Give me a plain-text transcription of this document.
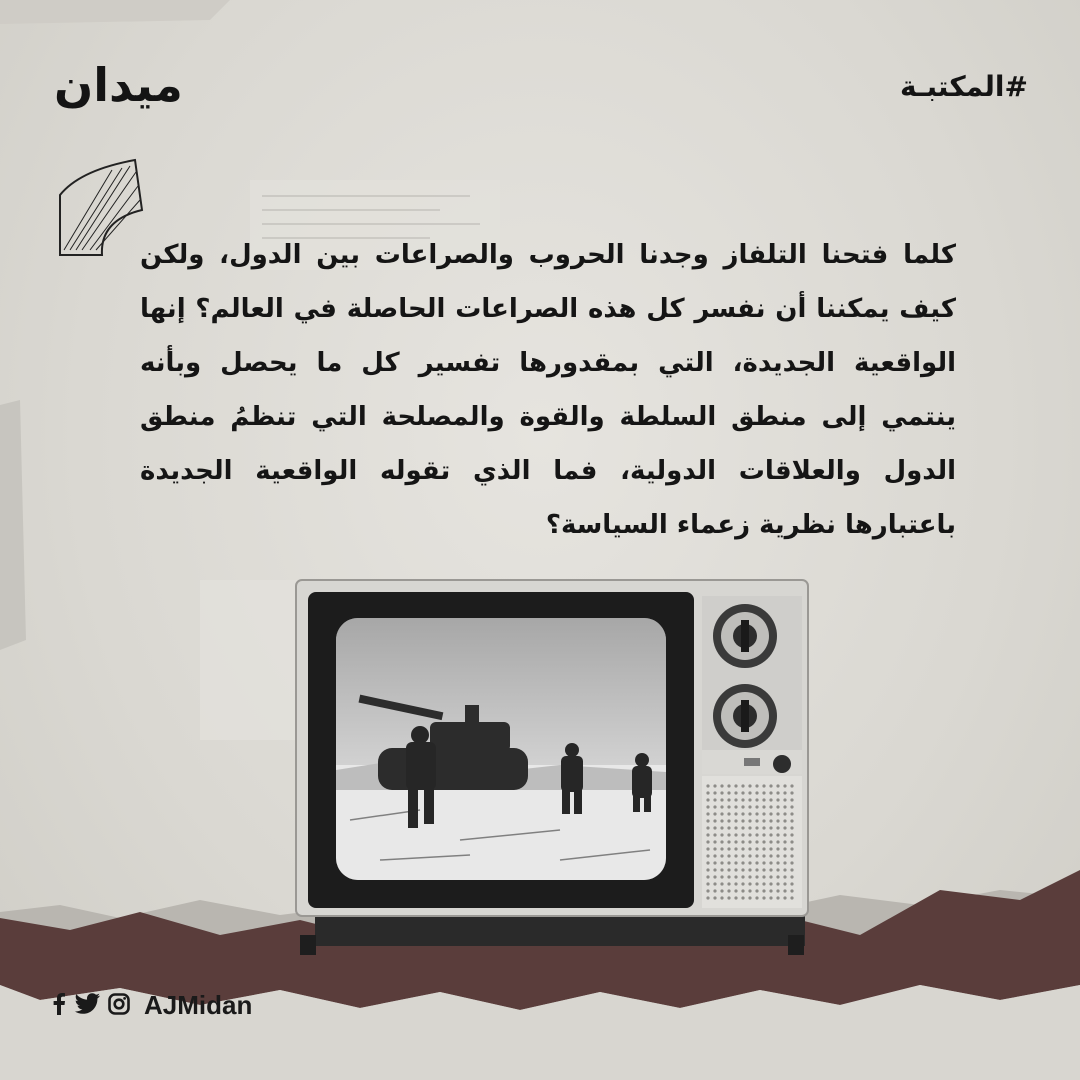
ميدان	#المكتبـة
كلما فتحنا التلفاز وجدنا الحروب والصراعات بين الدول، ولكن كيف يمكننا أن نفسر كل هذه الصراعات الحاصلة في العالم؟ إنها الواقعية الجديدة، التي بمقدورها تفسير كل ما يحصل وبأنه ينتمي إلى منطق السلطة والقوة والمصلحة التي تنظمُ منطق الدول والعلاقات الدولية، فما الذي تقوله الواقعية الجديدة باعتبارها نظرية زعماء السياسة؟
AJMidan
